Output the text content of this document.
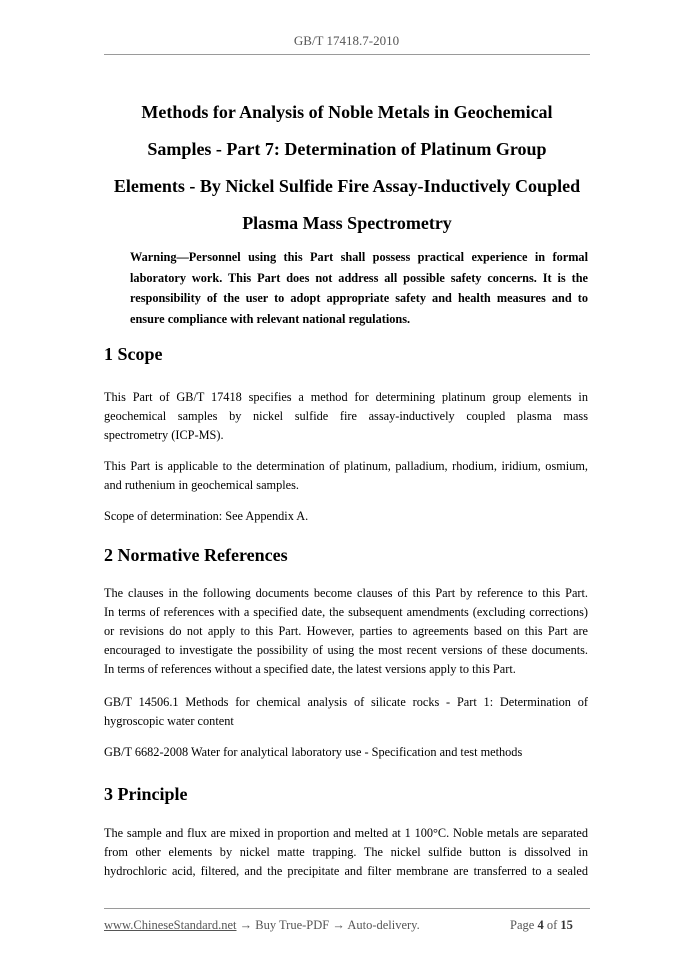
GB/T 17418.7-2010
Methods for Analysis of Noble Metals in Geochemical
Samples - Part 7: Determination of Platinum Group
Elements - By Nickel Sulfide Fire Assay-Inductively Coupled
Plasma Mass Spectrometry
Warning—Personnel using this Part shall possess practical experience in formal
laboratory work. This Part does not address all possible safety concerns. It is the
responsibility of the user to adopt appropriate safety and health measures and to
ensure compliance with relevant national regulations.
1 Scope
This Part of GB/T 17418 specifies a method for determining platinum group elements in
geochemical samples by nickel sulfide fire assay-inductively coupled plasma mass
spectrometry (ICP-MS).
This Part is applicable to the determination of platinum, palladium, rhodium, iridium, osmium,
and ruthenium in geochemical samples.
Scope of determination: See Appendix A.
2 Normative References
The clauses in the following documents become clauses of this Part by reference to this Part.
In terms of references with a specified date, the subsequent amendments (excluding corrections)
or revisions do not apply to this Part. However, parties to agreements based on this Part are
encouraged to investigate the possibility of using the most recent versions of these documents.
In terms of references without a specified date, the latest versions apply to this Part.
GB/T 14506.1 Methods for chemical analysis of silicate rocks - Part 1: Determination of
hygroscopic water content
GB/T 6682-2008 Water for analytical laboratory use - Specification and test methods
3 Principle
The sample and flux are mixed in proportion and melted at 1 100°C. Noble metals are separated
from other elements by nickel matte trapping. The nickel sulfide button is dissolved in
hydrochloric acid, filtered, and the precipitate and filter membrane are transferred to a sealed
www.ChineseStandard.net → Buy True-PDF → Auto-delivery.	Page 4 of 15
